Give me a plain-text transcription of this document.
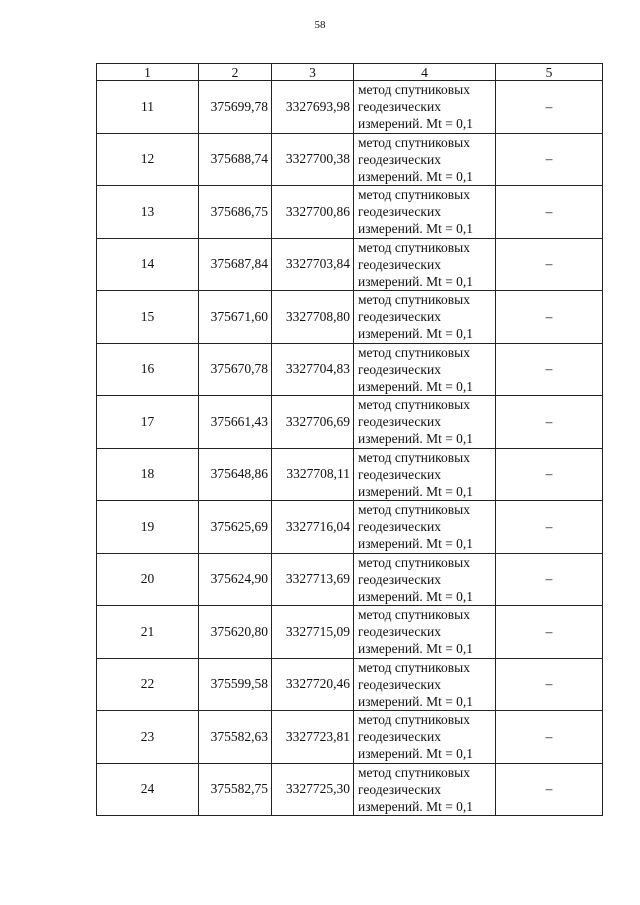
58
1	2	3	4	5
11	375699,78	3327693,98	метод спутниковых
геодезических
измерений. Mt = 0,1	–
12	375688,74	3327700,38	метод спутниковых
геодезических
измерений. Mt = 0,1	–
13	375686,75	3327700,86	метод спутниковых
геодезических
измерений. Mt = 0,1	–
14	375687,84	3327703,84	метод спутниковых
геодезических
измерений. Mt = 0,1	–
15	375671,60	3327708,80	метод спутниковых
геодезических
измерений. Mt = 0,1	–
16	375670,78	3327704,83	метод спутниковых
геодезических
измерений. Mt = 0,1	–
17	375661,43	3327706,69	метод спутниковых
геодезических
измерений. Mt = 0,1	–
18	375648,86	3327708,11	метод спутниковых
геодезических
измерений. Mt = 0,1	–
19	375625,69	3327716,04	метод спутниковых
геодезических
измерений. Mt = 0,1	–
20	375624,90	3327713,69	метод спутниковых
геодезических
измерений. Mt = 0,1	–
21	375620,80	3327715,09	метод спутниковых
геодезических
измерений. Mt = 0,1	–
22	375599,58	3327720,46	метод спутниковых
геодезических
измерений. Mt = 0,1	–
23	375582,63	3327723,81	метод спутниковых
геодезических
измерений. Mt = 0,1	–
24	375582,75	3327725,30	метод спутниковых
геодезических
измерений. Mt = 0,1	–
